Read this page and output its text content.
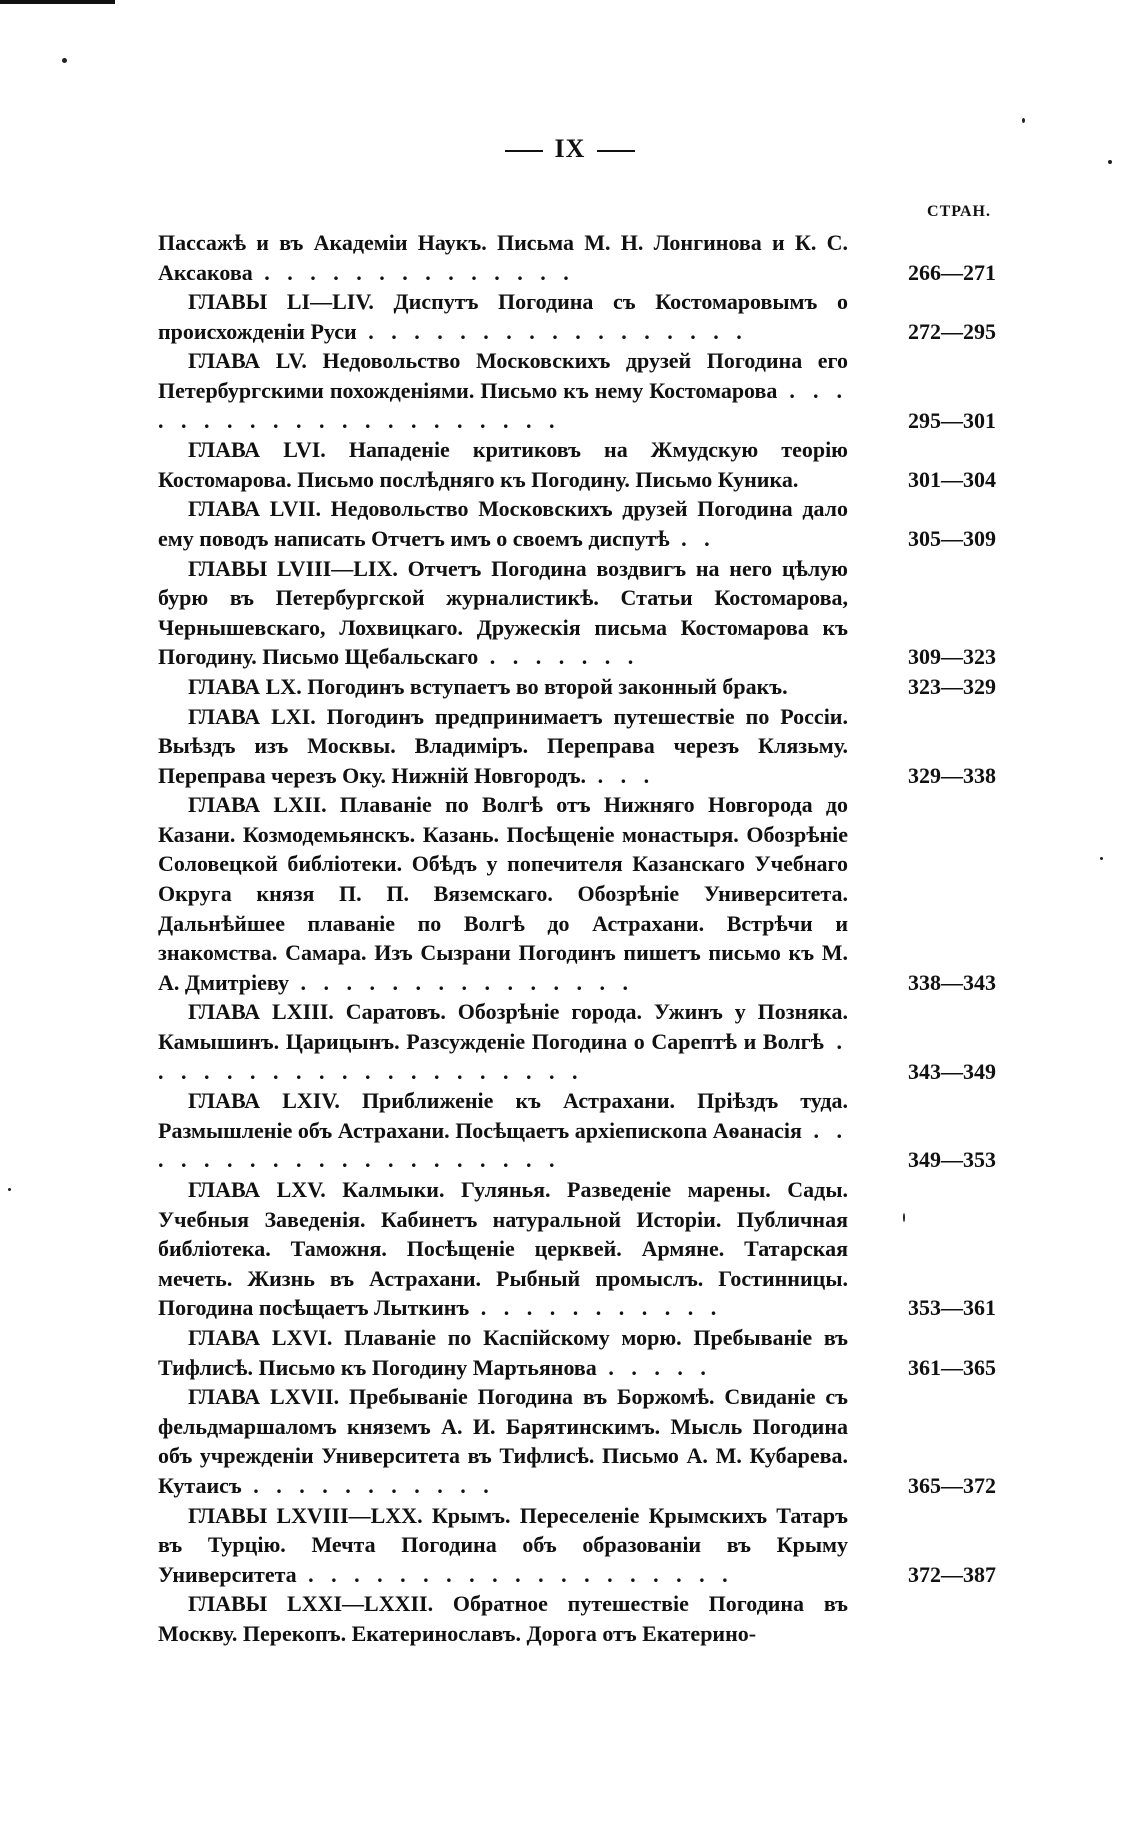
IX
СТРАН.
Пассажѣ и въ Академіи Наукъ. Письма М. Н. Лонгинова и К. С. Аксакова . . . . . . . . . . . . . .	266—271
ГЛАВЫ LI—LIV. Диспутъ Погодина съ Костомаровымъ о происхожденіи Руси . . . . . . . . . . . . . . . . .	272—295
ГЛАВА LV. Недовольство Московскихъ друзей Погодина его Петербургскими похожденіями. Письмо къ нему Костомарова . . . . . . . . . . . . . . . . . . . . .	295—301
ГЛАВА LVI. Нападеніе критиковъ на Жмудскую теорію Костомарова. Письмо послѣдняго къ Погодину. Письмо Куника.	301—304
ГЛАВА LVII. Недовольство Московскихъ друзей Погодина дало ему поводъ написать Отчетъ имъ о своемъ диспутѣ . .	305—309
ГЛАВЫ LVIII—LIX. Отчетъ Погодина воздвигъ на него цѣлую бурю въ Петербургской журналистикѣ. Статьи Костомарова, Чернышевскаго, Лохвицкаго. Дружескія письма Костомарова къ Погодину. Письмо Щебальскаго . . . . . . .	309—323
ГЛАВА LX. Погодинъ вступаетъ во второй законный бракъ.	323—329
ГЛАВА LXI. Погодинъ предпринимаетъ путешествіе по Россіи. Выѣздъ изъ Москвы. Владиміръ. Переправа черезъ Клязьму. Переправа черезъ Оку. Нижній Новгородъ. . . .	329—338
ГЛАВА LXII. Плаваніе по Волгѣ отъ Нижняго Новгорода до Казани. Козмодемьянскъ. Казань. Посѣщеніе монастыря. Обозрѣніе Соловецкой библіотеки. Обѣдъ у попечителя Казанскаго Учебнаго Округа князя П. П. Вяземскаго. Обозрѣніе Университета. Дальнѣйшее плаваніе по Волгѣ до Астрахани. Встрѣчи и знакомства. Самара. Изъ Сызрани Погодинъ пишетъ письмо къ М. А. Дмитріеву . . . . . . . . . . . . . . .	338—343
ГЛАВА LXIII. Саратовъ. Обозрѣніе города. Ужинъ у Позняка. Камышинъ. Царицынъ. Разсужденіе Погодина о Сарептѣ и Волгѣ . . . . . . . . . . . . . . . . . . . .	343—349
ГЛАВА LXIV. Приближеніе къ Астрахани. Пріѣздъ туда. Размышленіе объ Астрахани. Посѣщаетъ архіепископа Аѳанасія . . . . . . . . . . . . . . . . . . . .	349—353
ГЛАВА LXV. Калмыки. Гулянья. Разведеніе марены. Сады. Учебныя Заведенія. Кабинетъ натуральной Исторіи. Публичная библіотека. Таможня. Посѣщеніе церквей. Армяне. Татарская мечеть. Жизнь въ Астрахани. Рыбный промыслъ. Гостинницы. Погодина посѣщаетъ Лыткинъ . . . . . . . . . . .	353—361
ГЛАВА LXVI. Плаваніе по Каспійскому морю. Пребываніе въ Тифлисѣ. Письмо къ Погодину Мартьянова . . . . .	361—365
ГЛАВА LXVII. Пребываніе Погодина въ Боржомѣ. Свиданіе съ фельдмаршаломъ княземъ А. И. Барятинскимъ. Мысль Погодина объ учрежденіи Университета въ Тифлисѣ. Письмо А. М. Кубарева. Кутаисъ . . . . . . . . . . .	365—372
ГЛАВЫ LXVIII—LXX. Крымъ. Переселеніе Крымскихъ Татаръ въ Турцію. Мечта Погодина объ образованіи въ Крыму Университета . . . . . . . . . . . . . . . . . . .	372—387
ГЛАВЫ LXXI—LXXII. Обратное путешествіе Погодина въ Москву. Перекопъ. Екатеринославъ. Дорога отъ Екатерино-
